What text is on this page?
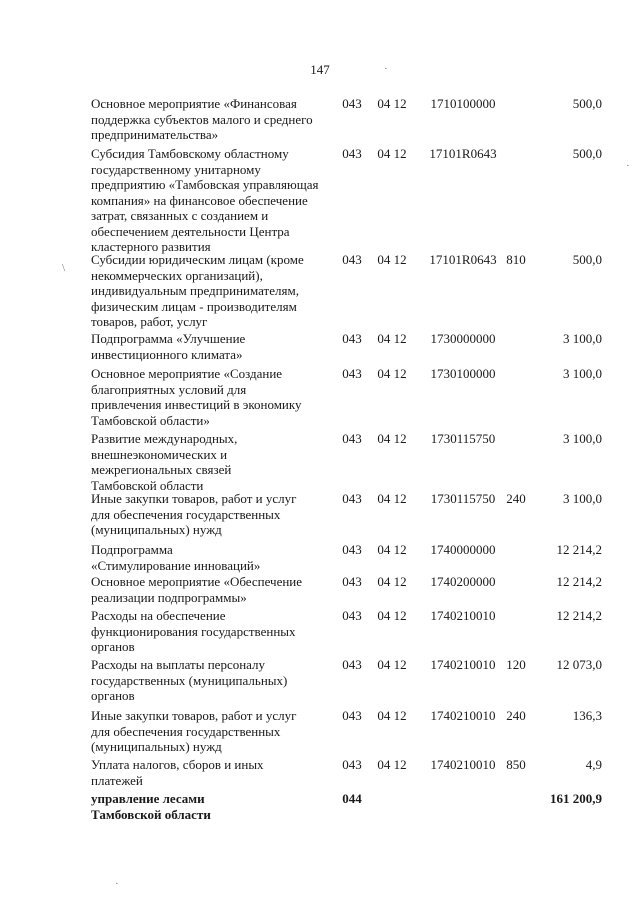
147
Основное мероприятие «Финансовая
поддержка субъектов малого и среднего
предпринимательства»
043	04 12	1710100000	500,0
Субсидия Тамбовскому областному
государственному унитарному
предприятию «Тамбовская управляющая
компания» на финансовое обеспечение
затрат, связанных с созданием и
обеспечением деятельности Центра
кластерного развития
043	04 12	17101R0643	500,0
Субсидии юридическим лицам (кроме
некоммерческих организаций),
индивидуальным предпринимателям,
физическим лицам - производителям
товаров, работ, услуг
043	04 12	17101R0643 810	500,0
Подпрограмма «Улучшение
инвестиционного климата»
043	04 12	1730000000	3 100,0
Основное мероприятие «Создание
благоприятных условий для
привлечения инвестиций в экономику
Тамбовской области»
043	04 12	1730100000	3 100,0
Развитие международных,
внешнеэкономических и
межрегиональных связей
Тамбовской области
043	04 12	1730115750	3 100,0
Иные закупки товаров, работ и услуг
для обеспечения государственных
(муниципальных) нужд
043	04 12	1730115750 240	3 100,0
Подпрограмма
«Стимулирование инноваций»
043	04 12	1740000000	12 214,2
Основное мероприятие «Обеспечение
реализации подпрограммы»
043	04 12	1740200000	12 214,2
Расходы на обеспечение
функционирования государственных
органов
043	04 12	1740210010	12 214,2
Расходы на выплаты персоналу
государственных (муниципальных)
органов
043	04 12	1740210010 120	12 073,0
Иные закупки товаров, работ и услуг
для обеспечения государственных
(муниципальных) нужд
043	04 12	1740210010 240	136,3
Уплата налогов, сборов и иных
платежей
043	04 12	1740210010 850	4,9
управление лесами
Тамбовской области
044	161 200,9
·
\
·
·
